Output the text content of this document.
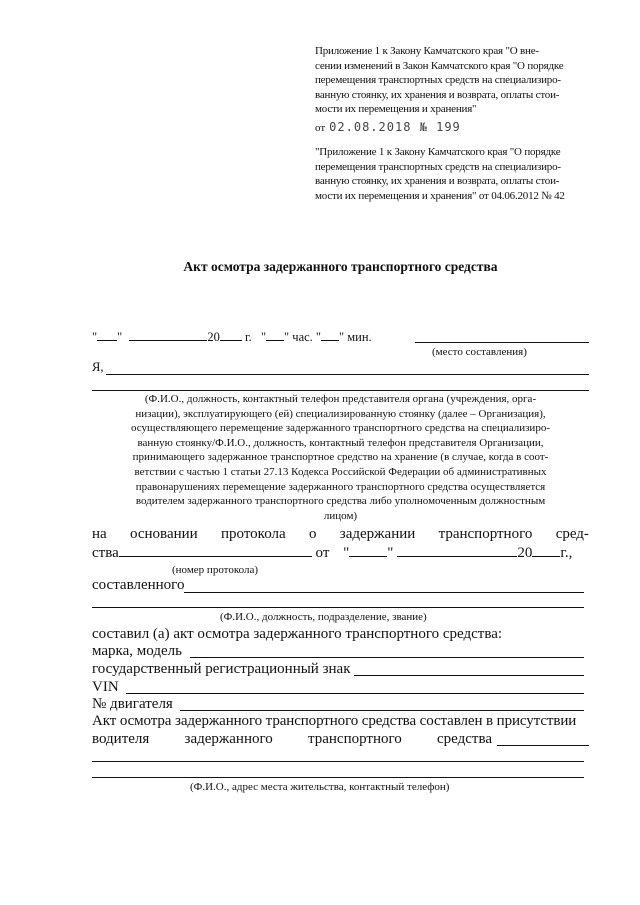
Приложение 1 к Закону Камчатского края "О вне-
сении изменений в Закон Камчатского края "О порядке
перемещения транспортных средств на специализиро-
ванную стоянку, их хранения и возврата, оплаты стои-
мости их перемещения и хранения"
от 02.08.2018 № 199
"Приложение 1 к Закону Камчатского края "О порядке
перемещения транспортных средств на специализиро-
ванную стоянку, их хранения и возврата, оплаты стои-
мости их перемещения и хранения" от 04.06.2012 № 42
Акт осмотра задержанного транспортного средства
" "	20 г. " " час. " " мин.
(место составления)
Я,
(Ф.И.О., должность, контактный телефон представителя органа (учреждения, орга-
низации), эксплуатирующего (ей) специализированную стоянку (далее – Организация),
осуществляющего перемещение задержанного транспортного средства на специализиро-
ванную стоянку/Ф.И.О., должность, контактный телефон представителя Организации,
принимающего задержанное транспортное средство на хранение (в случае, когда в соот-
ветствии с частью 1 статьи 27.13 Кодекса Российской Федерации об административных
правонарушениях перемещение задержанного транспортного средства осуществляется
водителем задержанного транспортного средства либо уполномоченным должностным
лицом)
на основании протокола о задержании транспортного сред-
ства	от "	"	20 г.,
(номер протокола)
составленного
(Ф.И.О., должность, подразделение, звание)
составил (а) акт осмотра задержанного транспортного средства:
марка, модель
государственный регистрационный знак
VIN
№ двигателя
Акт осмотра задержанного транспортного средства составлен в присутствии
водителя задержанного транспортного средства
(Ф.И.О., адрес места жительства, контактный телефон)
